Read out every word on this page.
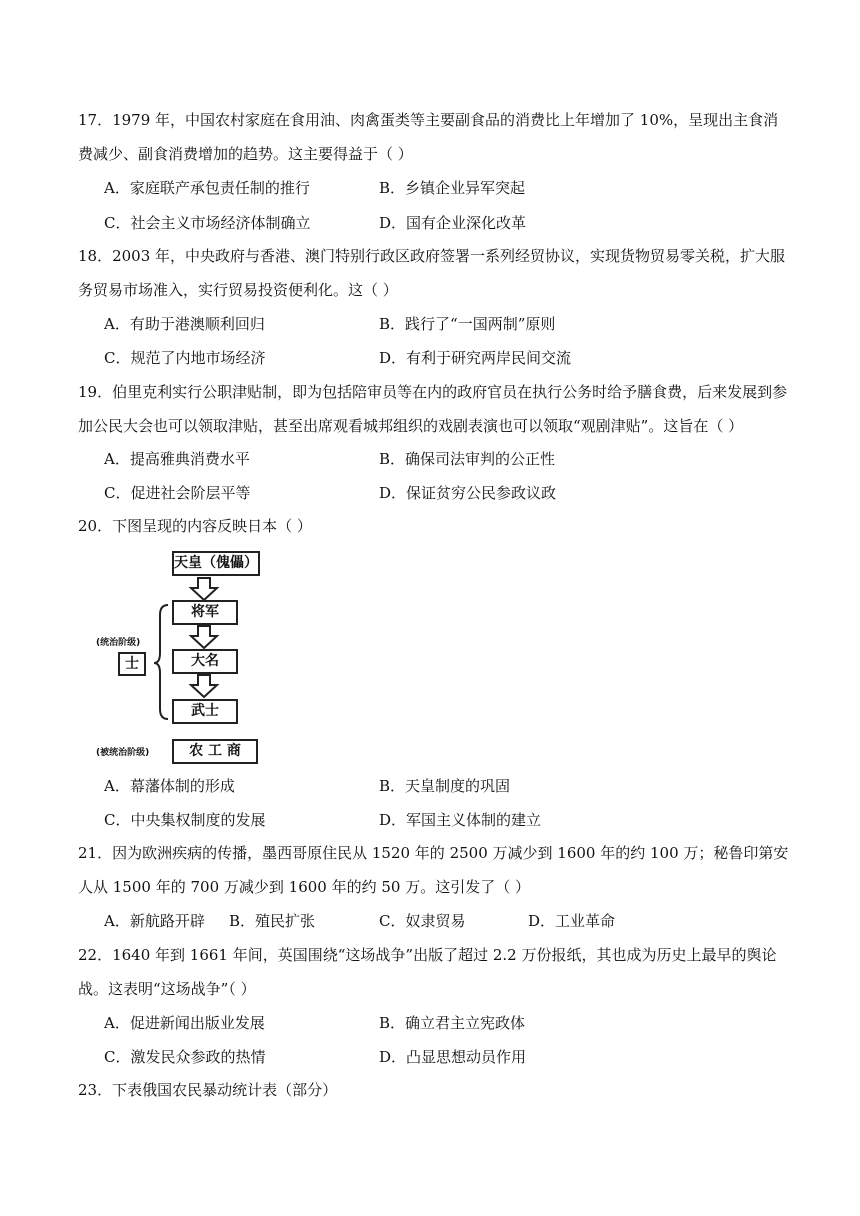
17．1979 年，中国农村家庭在食用油、肉禽蛋类等主要副食品的消费比上年增加了 10%，呈现出主食消费减少、副食消费增加的趋势。这主要得益于（ ）

A．家庭联产承包责任制的推行	B．乡镇企业异军突起
C．社会主义市场经济体制确立	D．国有企业深化改革

18．2003 年，中央政府与香港、澳门特别行政区政府签署一系列经贸协议，实现货物贸易零关税，扩大服务贸易市场准入，实行贸易投资便利化。这（ ）

A．有助于港澳顺利回归	B．践行了“一国两制”原则
C．规范了内地市场经济	D．有利于研究两岸民间交流

19．伯里克利实行公职津贴制，即为包括陪审员等在内的政府官员在执行公务时给予膳食费，后来发展到参加公民大会也可以领取津贴，甚至出席观看城邦组织的戏剧表演也可以领取“观剧津贴”。这旨在（ ）

A．提高雅典消费水平	B．确保司法审判的公正性
C．促进社会阶层平等	D．保证贫穷公民参政议政

20．下图呈现的内容反映日本（ ）

天皇（傀儡）
将军
大名
武士
农 工 商
(统治阶级)
士
(被统治阶级)
A．幕藩体制的形成	B．天皇制度的巩固
C．中央集权制度的发展	D．军国主义体制的建立

21．因为欧洲疾病的传播，墨西哥原住民从 1520 年的 2500 万减少到 1600 年的约 100 万；秘鲁印第安人从 1500 年的 700 万减少到 1600 年的约 50 万。这引发了（ ）

A．新航路开辟 B．殖民扩张	C．奴隶贸易	D．工业革命

22．1640 年到 1661 年间，英国围绕“这场战争”出版了超过 2.2 万份报纸，其也成为历史上最早的舆论战。这表明“这场战争”（ ）

A．促进新闻出版业发展	B．确立君主立宪政体
C．激发民众参政的热情	D．凸显思想动员作用

23．下表俄国农民暴动统计表（部分）
